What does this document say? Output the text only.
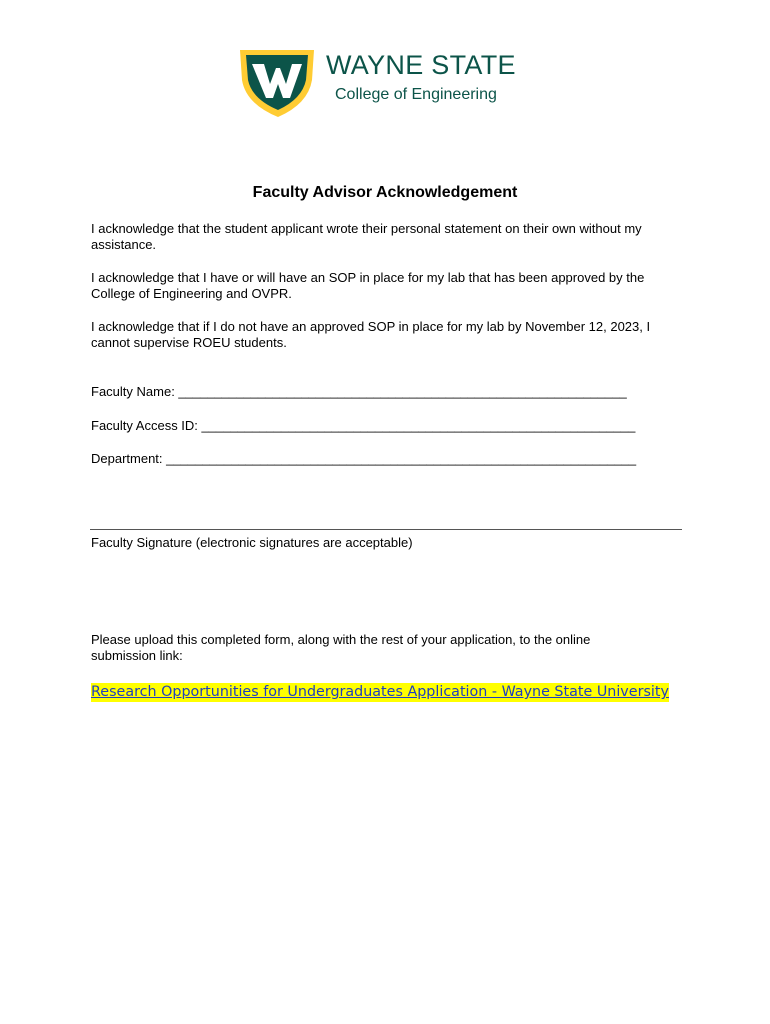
WAYNE STATE
College of Engineering
Faculty Advisor Acknowledgement
I acknowledge that the student applicant wrote their personal statement on their own without my assistance.
I acknowledge that I have or will have an SOP in place for my lab that has been approved by the College of Engineering and OVPR.
I acknowledge that if I do not have an approved SOP in place for my lab by November 12, 2023, I cannot supervise ROEU students.
Faculty Name: ______________________________________________________________
Faculty Access ID: ____________________________________________________________
Department: _________________________________________________________________
Faculty Signature (electronic signatures are acceptable)
Please upload this completed form, along with the rest of your application, to the online submission link:
Research Opportunities for Undergraduates Application - Wayne State University
